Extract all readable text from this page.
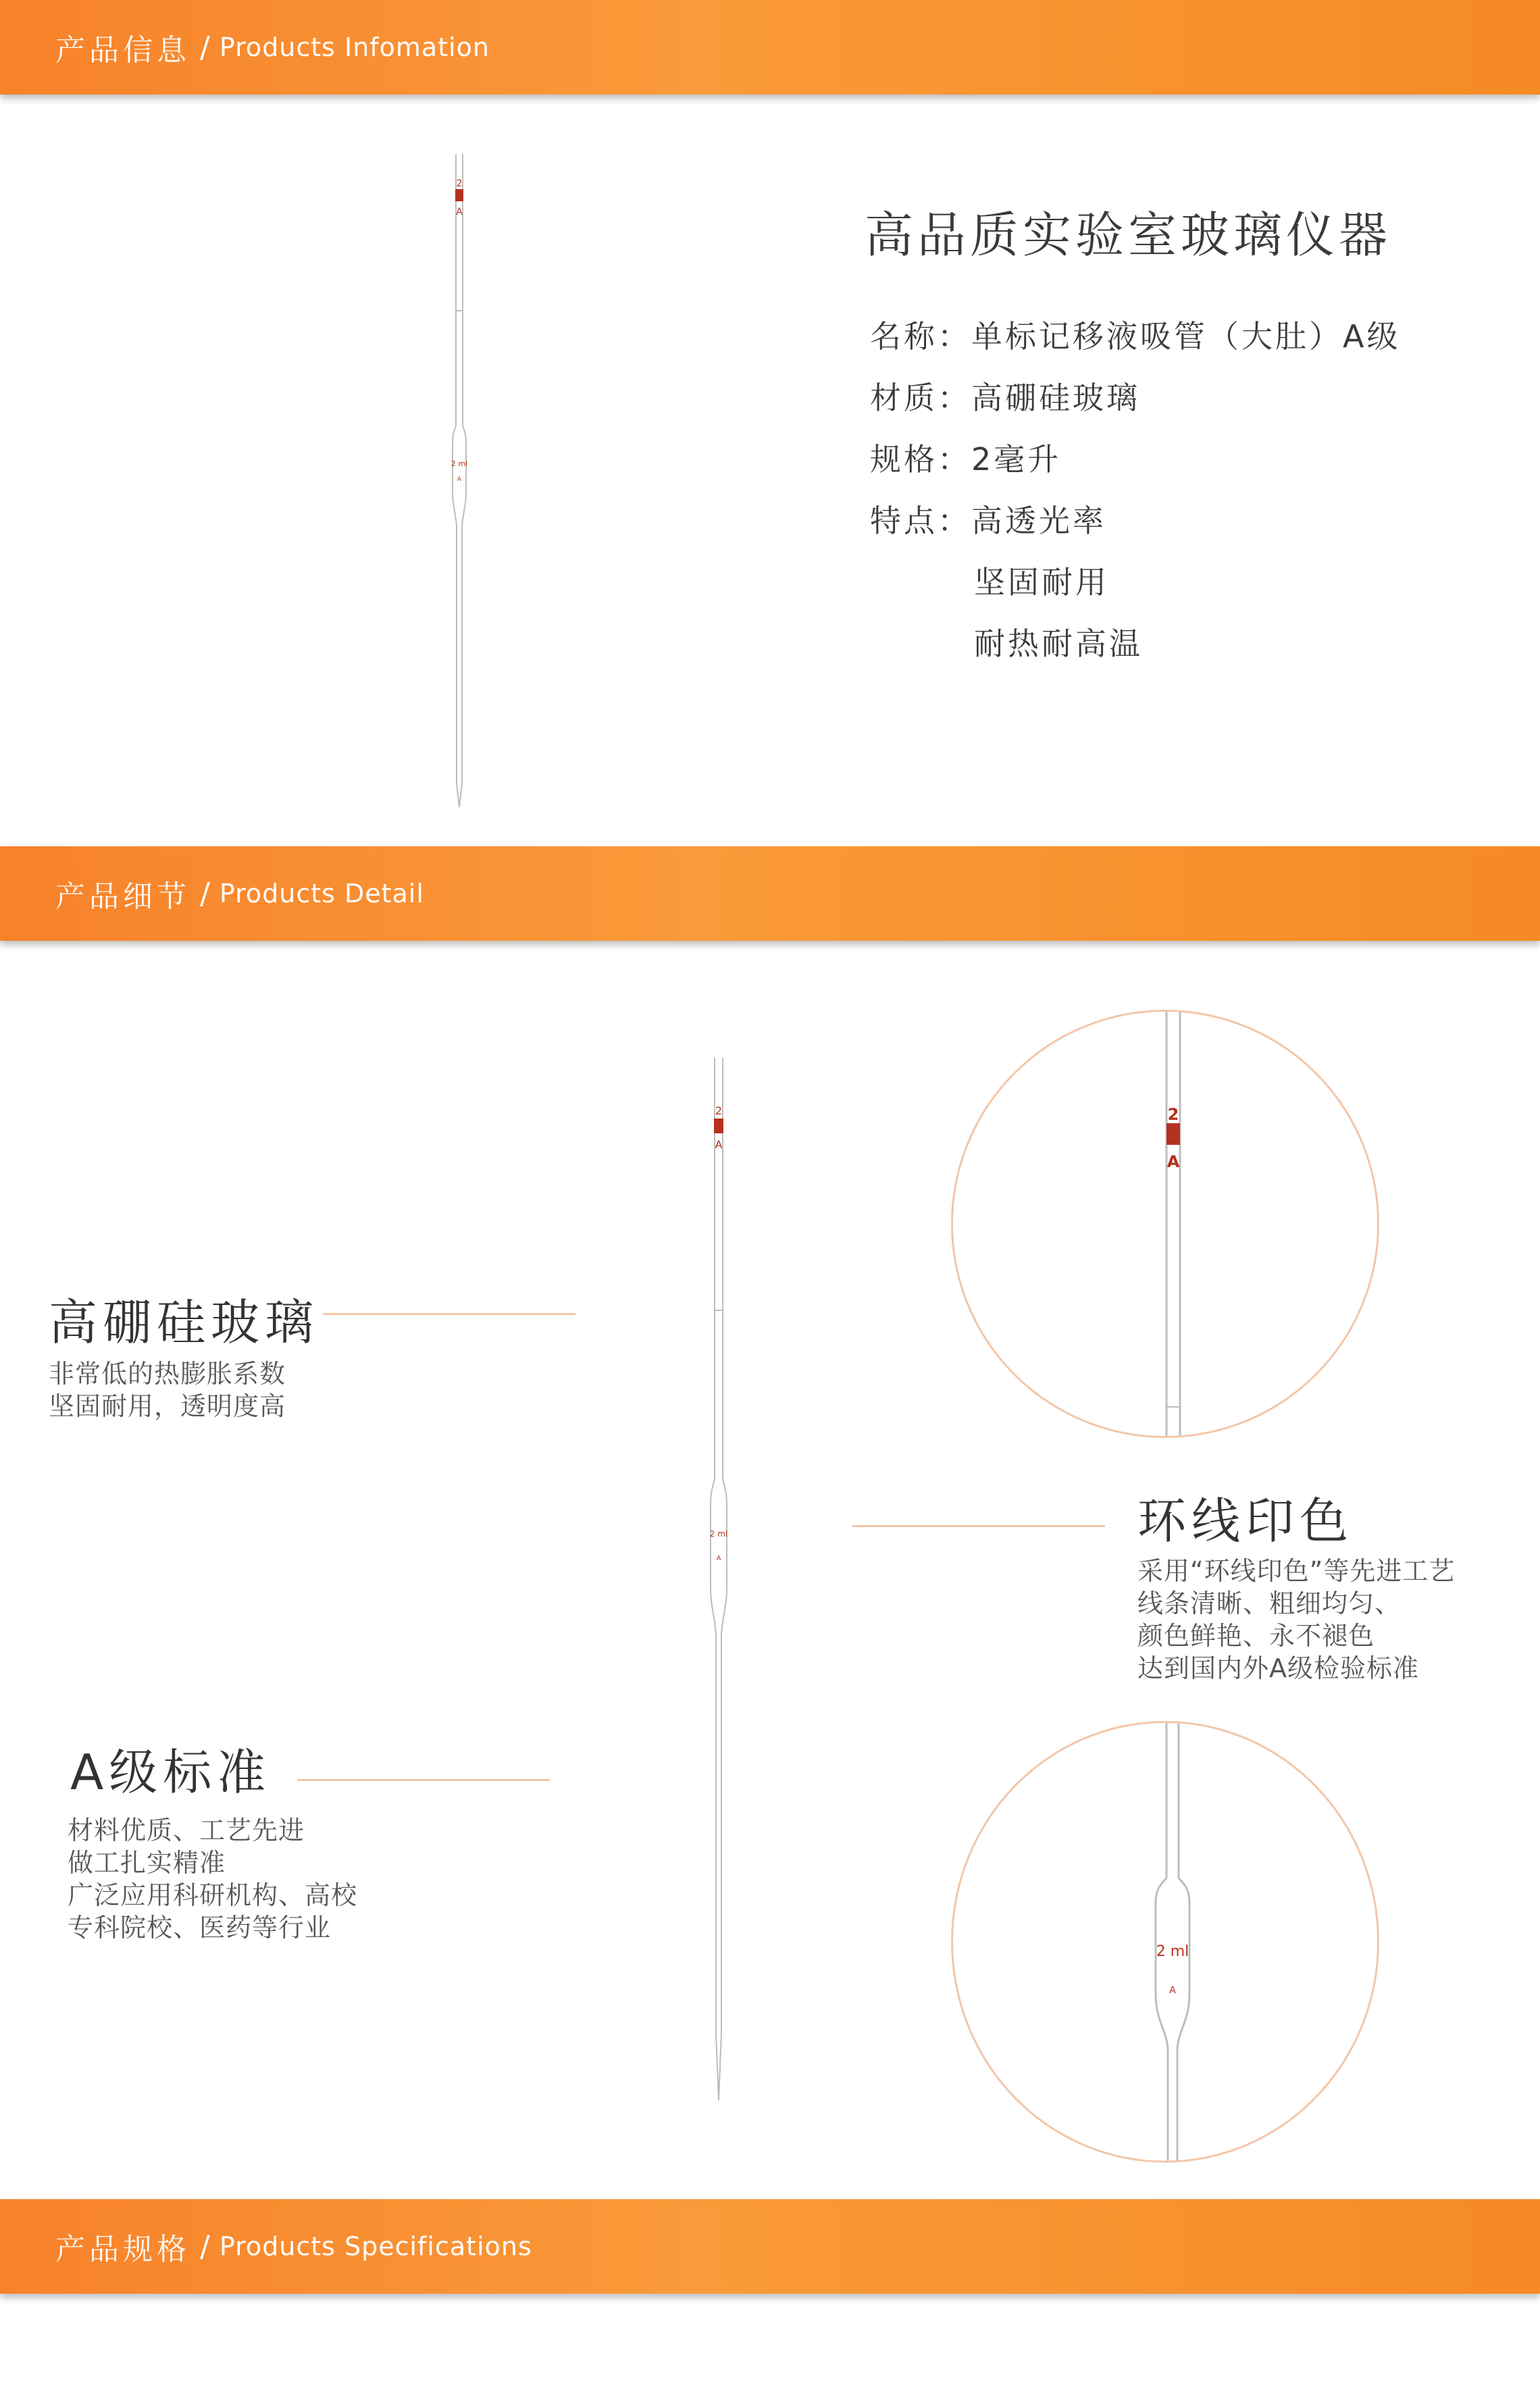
产品信息 / Products Infomation
2
A
2 ml
A
高品质实验室玻璃仪器
名称：单标记移液吸管（大肚）A级
材质：高硼硅玻璃
规格：2毫升
特点：高透光率
坚固耐用
耐热耐高温
产品细节 / Products Detail
2
A
2 ml
A
2
A
2 ml
A
高硼硅玻璃
非常低的热膨胀系数
坚固耐用，透明度高
环线印色
采用“环线印色”等先进工艺
线条清晰、粗细均匀、
颜色鲜艳、永不褪色
达到国内外A级检验标准
A级标准
材料优质、工艺先进
做工扎实精准
广泛应用科研机构、高校
专科院校、医药等行业
产品规格 / Products Specifications
